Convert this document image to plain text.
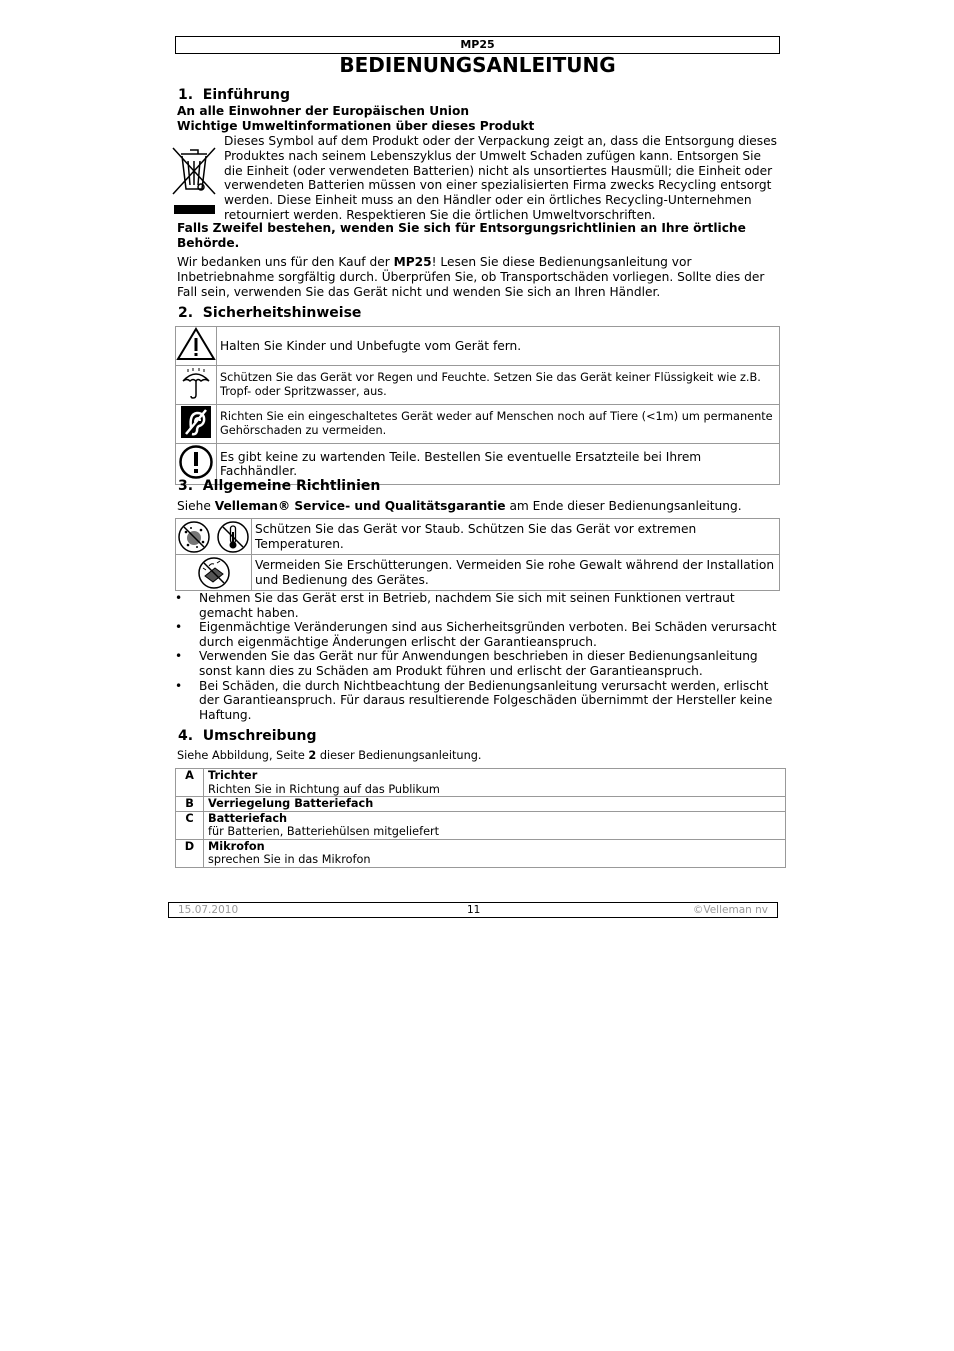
MP25
BEDIENUNGSANLEITUNG
1.  Einführung
An alle Einwohner der Europäischen Union
Wichtige Umweltinformationen über dieses Produkt
Dieses Symbol auf dem Produkt oder der Verpackung zeigt an, dass die Entsorgung dieses
Produktes nach seinem Lebenszyklus der Umwelt Schaden zufügen kann. Entsorgen Sie
die Einheit (oder verwendeten Batterien) nicht als unsortiertes Hausmüll; die Einheit oder
verwendeten Batterien müssen von einer spezialisierten Firma zwecks Recycling entsorgt
werden. Diese Einheit muss an den Händler oder ein örtliches Recycling-Unternehmen
retourniert werden. Respektieren Sie die örtlichen Umweltvorschriften.
Falls Zweifel bestehen, wenden Sie sich für Entsorgungsrichtlinien an Ihre örtliche
Behörde.
Wir bedanken uns für den Kauf der MP25! Lesen Sie diese Bedienungsanleitung vor
Inbetriebnahme sorgfältig durch. Überprüfen Sie, ob Transportschäden vorliegen. Sollte dies der
Fall sein, verwenden Sie das Gerät nicht und wenden Sie sich an Ihren Händler.
2.  Sicherheitshinweise
	Halten Sie Kinder und Unbefugte vom Gerät fern.
	Schützen Sie das Gerät vor Regen und Feuchte. Setzen Sie das Gerät keiner Flüssigkeit wie z.B. Tropf- oder Spritzwasser, aus.
	Richten Sie ein eingeschaltetes Gerät weder auf Menschen noch auf Tiere (<1m) um permanente Gehörschaden zu vermeiden.
	Es gibt keine zu wartenden Teile. Bestellen Sie eventuelle Ersatzteile bei Ihrem Fachhändler.
3.  Allgemeine Richtlinien
Siehe Velleman® Service- und Qualitätsgarantie am Ende dieser Bedienungsanleitung.
	Schützen Sie das Gerät vor Staub. Schützen Sie das Gerät vor extremen Temperaturen.
	Vermeiden Sie Erschütterungen. Vermeiden Sie rohe Gewalt während der Installation und Bedienung des Gerätes.
• Nehmen Sie das Gerät erst in Betrieb, nachdem Sie sich mit seinen Funktionen vertraut gemacht haben.
• Eigenmächtige Veränderungen sind aus Sicherheitsgründen verboten. Bei Schäden verursacht durch eigenmächtige Änderungen erlischt der Garantieanspruch.
• Verwenden Sie das Gerät nur für Anwendungen beschrieben in dieser Bedienungsanleitung sonst kann dies zu Schäden am Produkt führen und erlischt der Garantieanspruch.
• Bei Schäden, die durch Nichtbeachtung der Bedienungsanleitung verursacht werden, erlischt der Garantieanspruch. Für daraus resultierende Folgeschäden übernimmt der Hersteller keine Haftung.
4.  Umschreibung
Siehe Abbildung, Seite 2 dieser Bedienungsanleitung.
A	Trichter
Richten Sie in Richtung auf das Publikum

B	Verriegelung Batteriefach

C	Batteriefach
für Batterien, Batteriehülsen mitgeliefert

D	Mikrofon
sprechen Sie in das Mikrofon
15.07.2010	11	©Velleman nv
